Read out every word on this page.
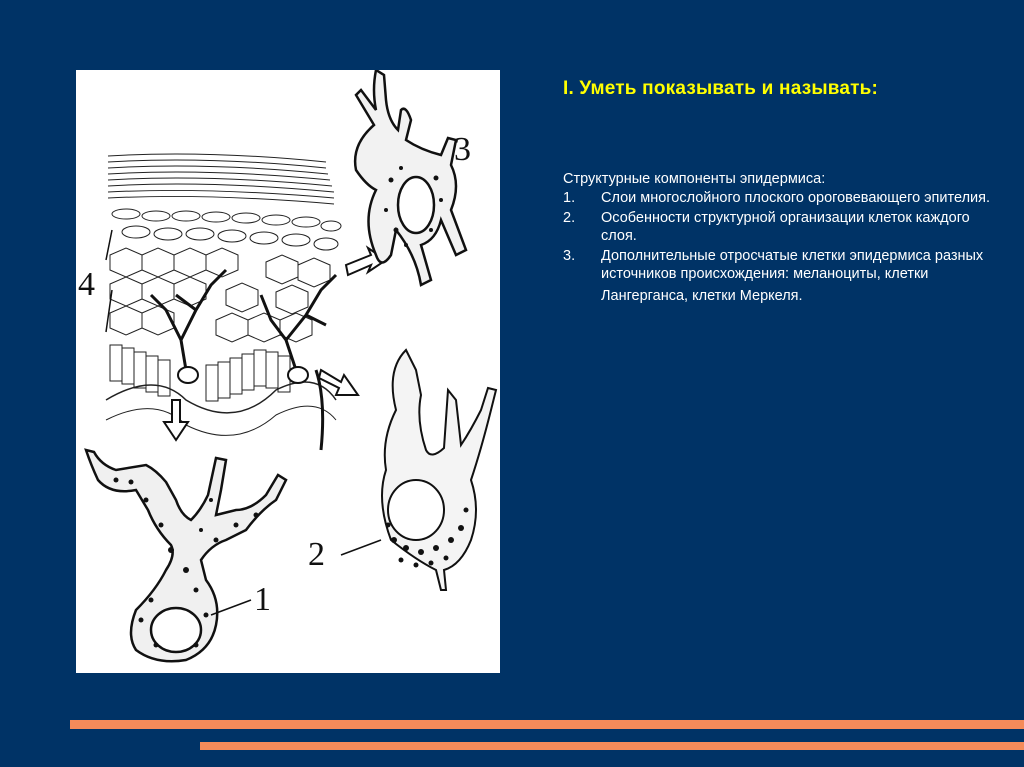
1
2
3
4
I. Уметь показывать и называть:
Структурные компоненты эпидермиса:
1. Слои многослойного плоского ороговевающего эпителия.
2. Особенности структурной организации клеток каждого слоя.
3. Дополнительные отросчатые клетки эпидермиса разных источников происхождения: меланоциты, клетки
Лангерганса, клетки Меркеля.
